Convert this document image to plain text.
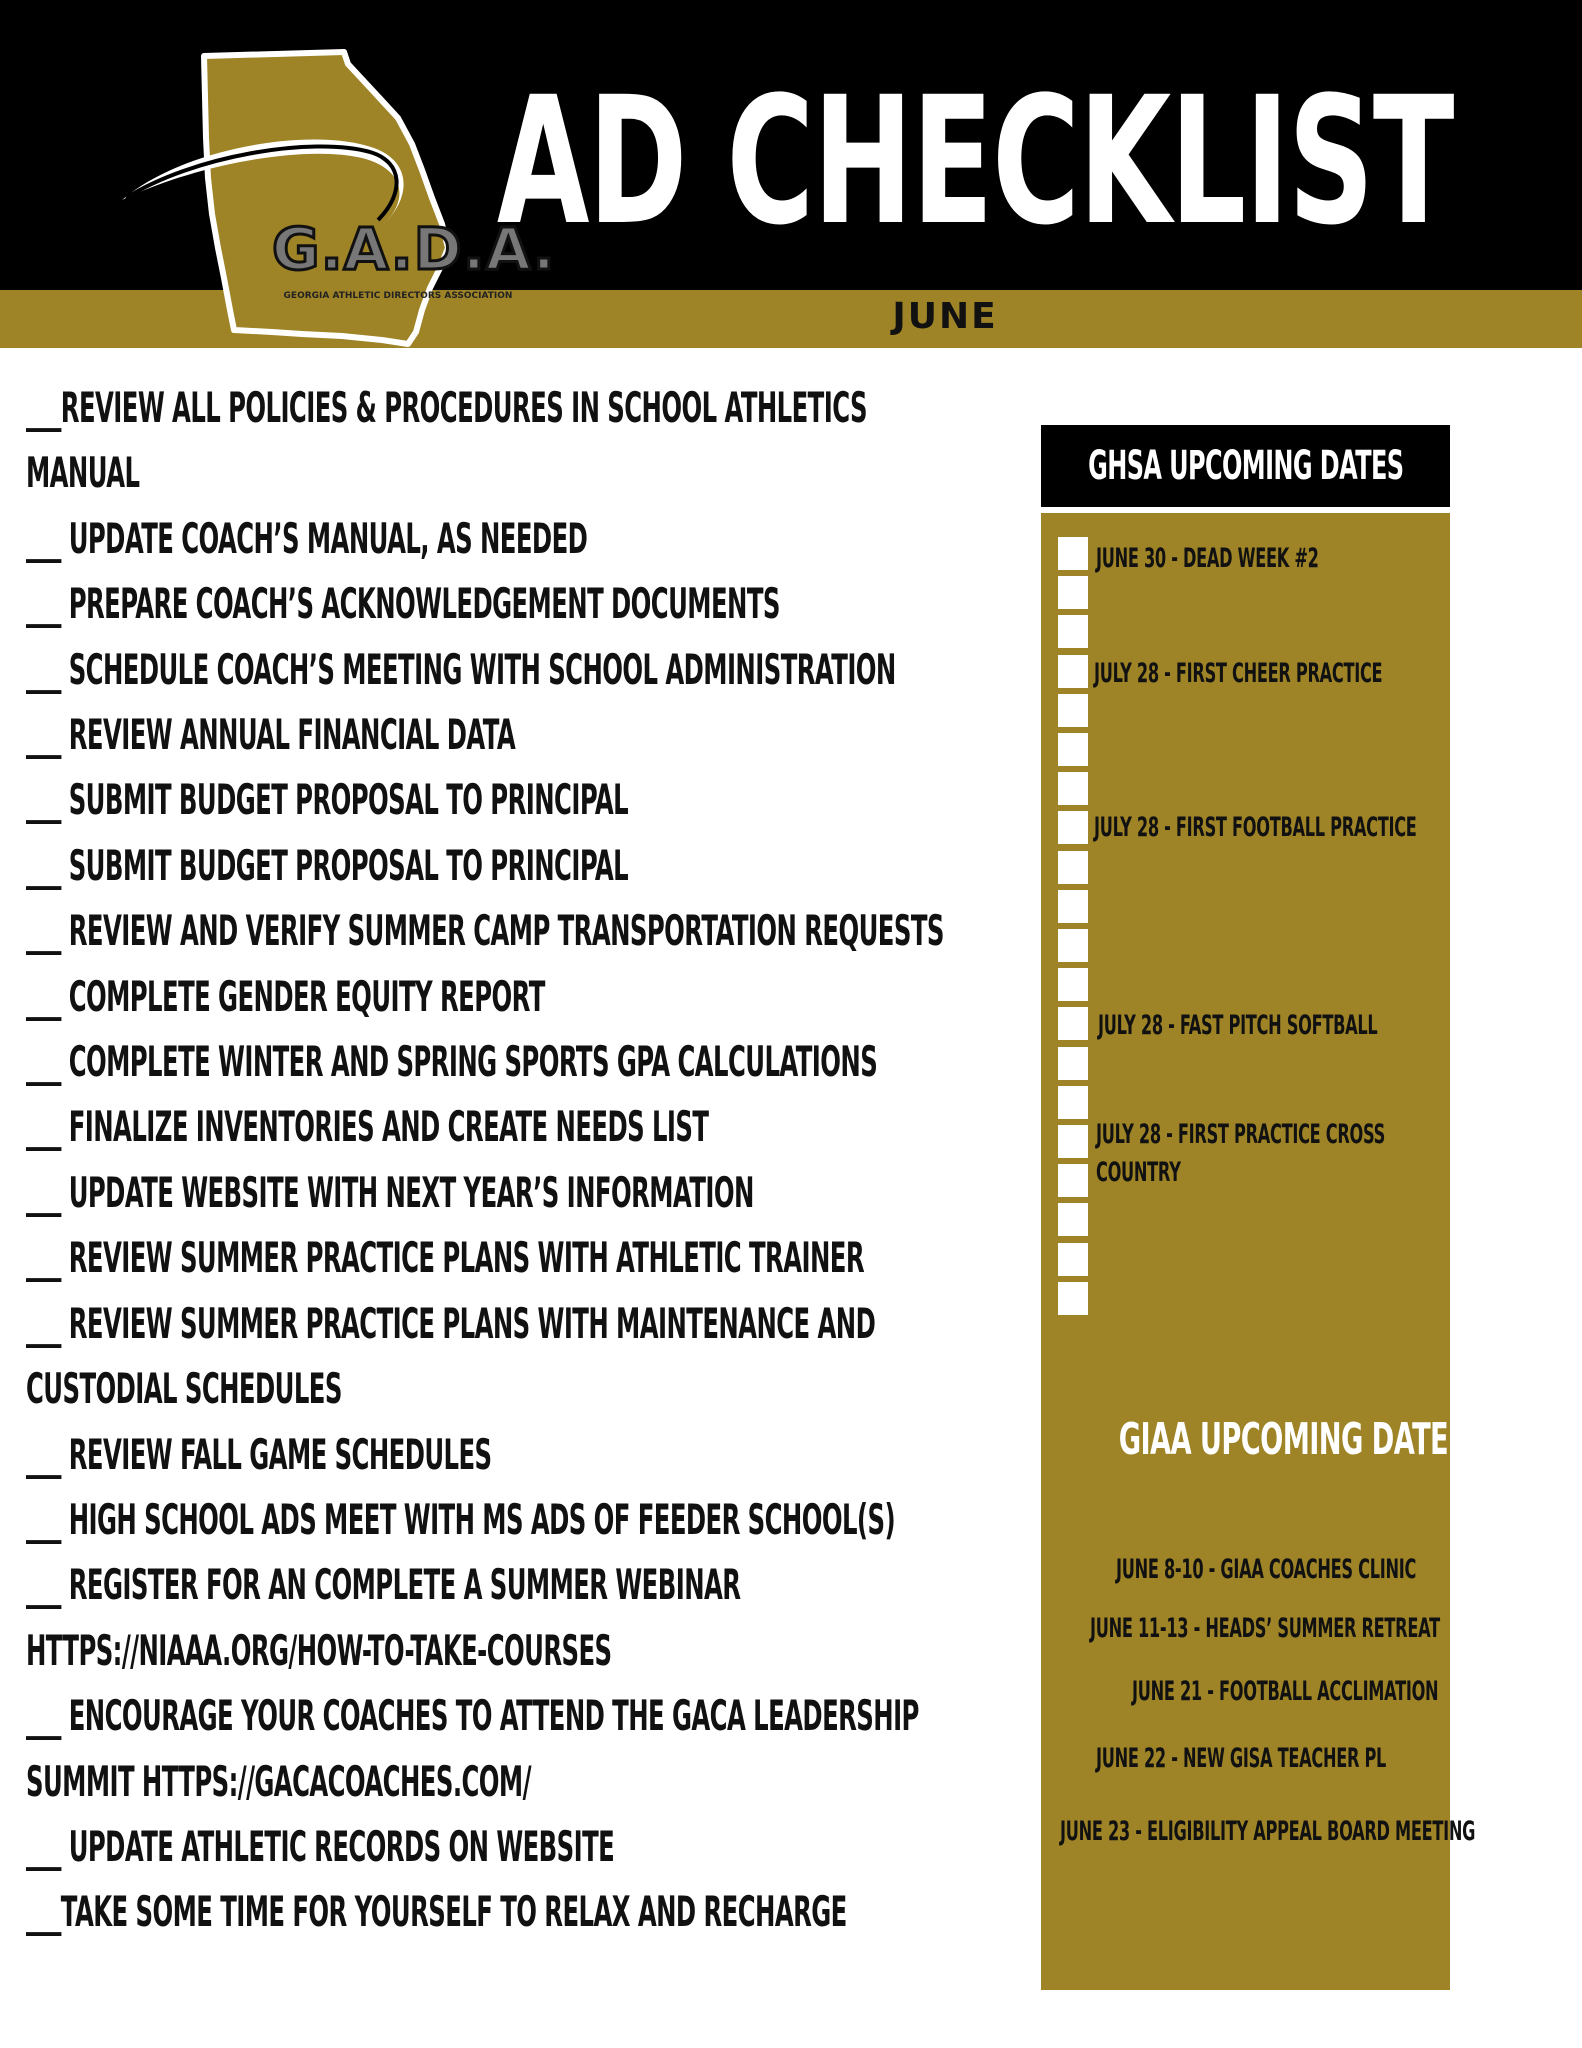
G.A.D.A.
GEORGIA ATHLETIC DIRECTORS ASSOCIATION
AD CHECKLIST
JUNE
___REVIEW ALL POLICIES & PROCEDURES IN SCHOOL ATHLETICS
MANUAL
___ UPDATE COACH’S MANUAL, AS NEEDED
___ PREPARE COACH’S ACKNOWLEDGEMENT DOCUMENTS
___ SCHEDULE COACH’S MEETING WITH SCHOOL ADMINISTRATION
___ REVIEW ANNUAL FINANCIAL DATA
___ SUBMIT BUDGET PROPOSAL TO PRINCIPAL
___ SUBMIT BUDGET PROPOSAL TO PRINCIPAL
___ REVIEW AND VERIFY SUMMER CAMP TRANSPORTATION REQUESTS
___ COMPLETE GENDER EQUITY REPORT
___ COMPLETE WINTER AND SPRING SPORTS GPA CALCULATIONS
___ FINALIZE INVENTORIES AND CREATE NEEDS LIST
___ UPDATE WEBSITE WITH NEXT YEAR’S INFORMATION
___ REVIEW SUMMER PRACTICE PLANS WITH ATHLETIC TRAINER
___ REVIEW SUMMER PRACTICE PLANS WITH MAINTENANCE AND
CUSTODIAL SCHEDULES
___ REVIEW FALL GAME SCHEDULES
___ HIGH SCHOOL ADS MEET WITH MS ADS OF FEEDER SCHOOL(S)
___ REGISTER FOR AN COMPLETE A SUMMER WEBINAR
HTTPS://NIAAA.ORG/HOW-TO-TAKE-COURSES
___ ENCOURAGE YOUR COACHES TO ATTEND THE GACA LEADERSHIP
SUMMIT HTTPS://GACACOACHES.COM/
___ UPDATE ATHLETIC RECORDS ON WEBSITE
___TAKE SOME TIME FOR YOURSELF TO RELAX AND RECHARGE
GHSA UPCOMING DATES
JUNE 30 - DEAD WEEK #2
JULY 28 - FIRST CHEER PRACTICE
JULY 28 - FIRST FOOTBALL PRACTICE
JULY 28 - FAST PITCH SOFTBALL
JULY 28 - FIRST PRACTICE CROSS
COUNTRY
GIAA UPCOMING DATES
JUNE 8-10 - GIAA COACHES CLINIC
JUNE 11-13 - HEADS’ SUMMER RETREAT
JUNE 21 - FOOTBALL ACCLIMATION
JUNE 22 - NEW GISA TEACHER PL
JUNE 23 - ELIGIBILITY APPEAL BOARD MEETING
